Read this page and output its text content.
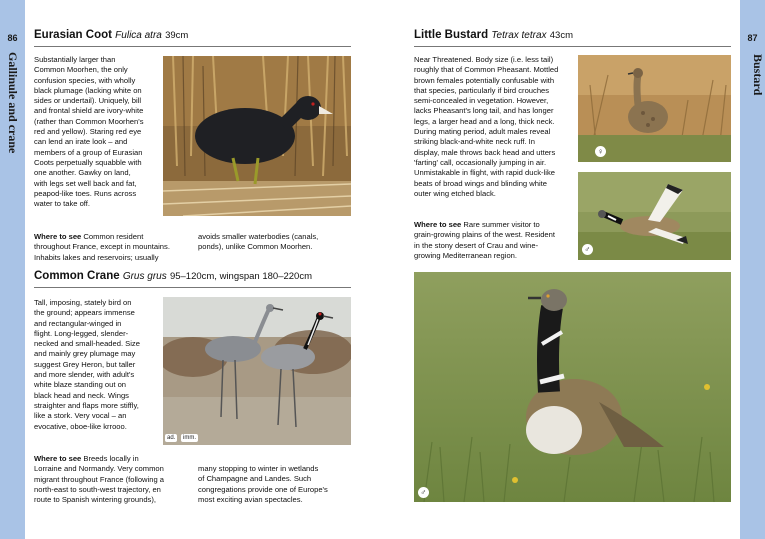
86
Gallinule and crane
87
Bustard
Eurasian Coot Fulica atra 39cm
Substantially larger than
Common Moorhen, the only
confusion species, with wholly
black plumage (lacking white on
sides or undertail). Uniquely, bill
and frontal shield are ivory-white
(rather than Common Moorhen's
red and yellow). Staring red eye
can lend an irate look – and
members of a group of Eurasian
Coots perpetually squabble with
one another. Gawky on land,
with legs set well back and fat,
peapod-like toes. Runs across
water to take off.
Where to see Common resident
throughout France, except in mountains.
Inhabits lakes and reservoirs; usually
avoids smaller waterbodies (canals,
ponds), unlike Common Moorhen.
Common Crane Grus grus 95–120cm, wingspan 180–220cm
Tall, imposing, stately bird on
the ground; appears immense
and rectangular-winged in
flight. Long-legged, slender-
necked and small-headed. Size
and mainly grey plumage may
suggest Grey Heron, but taller
and more slender, with adult's
white blaze standing out on
black head and neck. Wings
straighter and flaps more stiffly,
like a stork. Very vocal – an
evocative, oboe-like krrooo.
ad.	imm.
Where to see Breeds locally in
Lorraine and Normandy. Very common
migrant throughout France (following a
north-east to south-west trajectory, en
route to Spanish wintering grounds),
many stopping to winter in wetlands
of Champagne and Landes. Such
congregations provide one of Europe's
most exciting avian spectacles.
Little Bustard Tetrax tetrax 43cm
Near Threatened. Body size (i.e. less tail)
roughly that of Common Pheasant. Mottled
brown females potentially confusable with
that species, particularly if bird crouches
semi-concealed in vegetation. However,
lacks Pheasant's long tail, and has longer
legs, a larger head and a long, thick neck.
During mating period, adult males reveal
striking black-and-white neck ruff. In
display, male throws back head and utters
'farting' call, occasionally jumping in air.
Unmistakable in flight, with rapid duck-like
beats of broad wings and blinding white
outer wing etched black.
Where to see Rare summer visitor to
grain-growing plains of the west. Resident
in the stony desert of Crau and wine-
growing Mediterranean region.
♀
♂
♂
